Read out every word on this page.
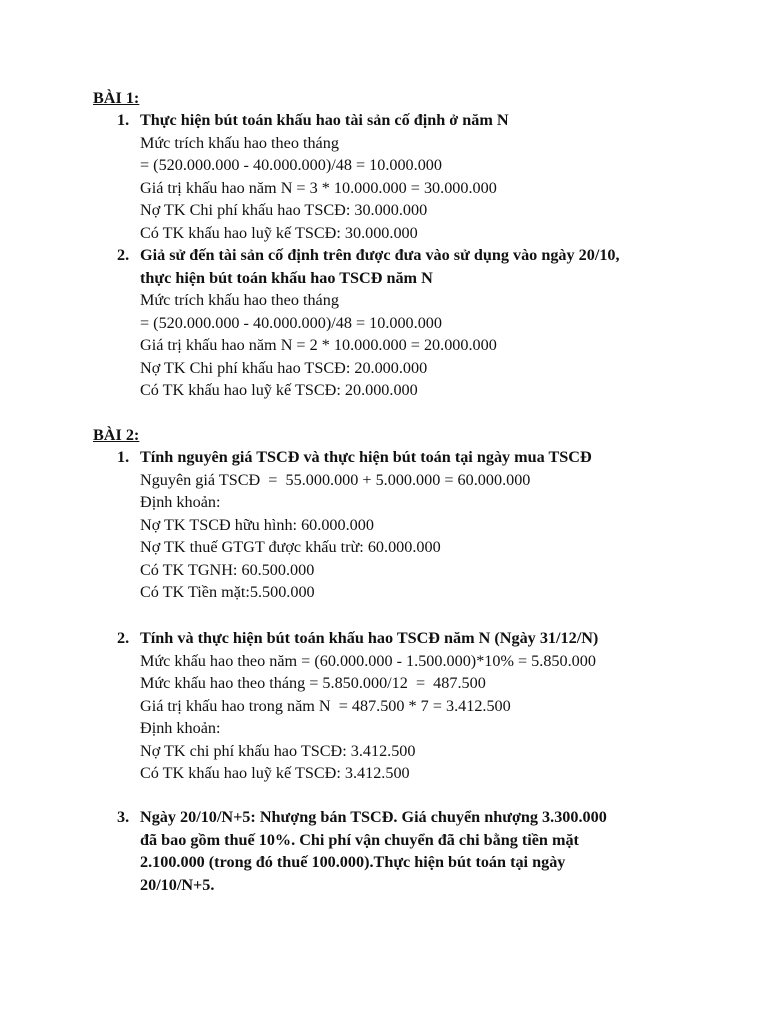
BÀI 1:
1. Thực hiện bút toán khấu hao tài sản cố định ở năm N
Mức trích khấu hao theo tháng
= (520.000.000 - 40.000.000)/48 = 10.000.000
Giá trị khấu hao năm N = 3 * 10.000.000 = 30.000.000
Nợ TK Chi phí khấu hao TSCĐ: 30.000.000
Có TK khấu hao luỹ kế TSCĐ: 30.000.000
2. Giả sử đến tài sản cố định trên được đưa vào sử dụng vào ngày 20/10,
thực hiện bút toán khấu hao TSCĐ năm N
Mức trích khấu hao theo tháng
= (520.000.000 - 40.000.000)/48 = 10.000.000
Giá trị khấu hao năm N = 2 * 10.000.000 = 20.000.000
Nợ TK Chi phí khấu hao TSCĐ: 20.000.000
Có TK khấu hao luỹ kế TSCĐ: 20.000.000
BÀI 2:
1. Tính nguyên giá TSCĐ và thực hiện bút toán tại ngày mua TSCĐ
Nguyên giá TSCĐ  =  55.000.000 + 5.000.000 = 60.000.000
Định khoản:
Nợ TK TSCĐ hữu hình: 60.000.000
Nợ TK thuế GTGT được khấu trừ: 60.000.000
Có TK TGNH: 60.500.000
Có TK Tiền mặt:5.500.000
2. Tính và thực hiện bút toán khấu hao TSCĐ năm N (Ngày 31/12/N)
Mức khấu hao theo năm = (60.000.000 - 1.500.000)*10% = 5.850.000
Mức khấu hao theo tháng = 5.850.000/12  =  487.500
Giá trị khấu hao trong năm N  = 487.500 * 7 = 3.412.500
Định khoản:
Nợ TK chi phí khấu hao TSCĐ: 3.412.500
Có TK khấu hao luỹ kế TSCĐ: 3.412.500
3. Ngày 20/10/N+5: Nhượng bán TSCĐ. Giá chuyển nhượng 3.300.000
đã bao gồm thuế 10%. Chi phí vận chuyển đã chi bằng tiền mặt
2.100.000 (trong đó thuế 100.000).Thực hiện bút toán tại ngày
20/10/N+5.
